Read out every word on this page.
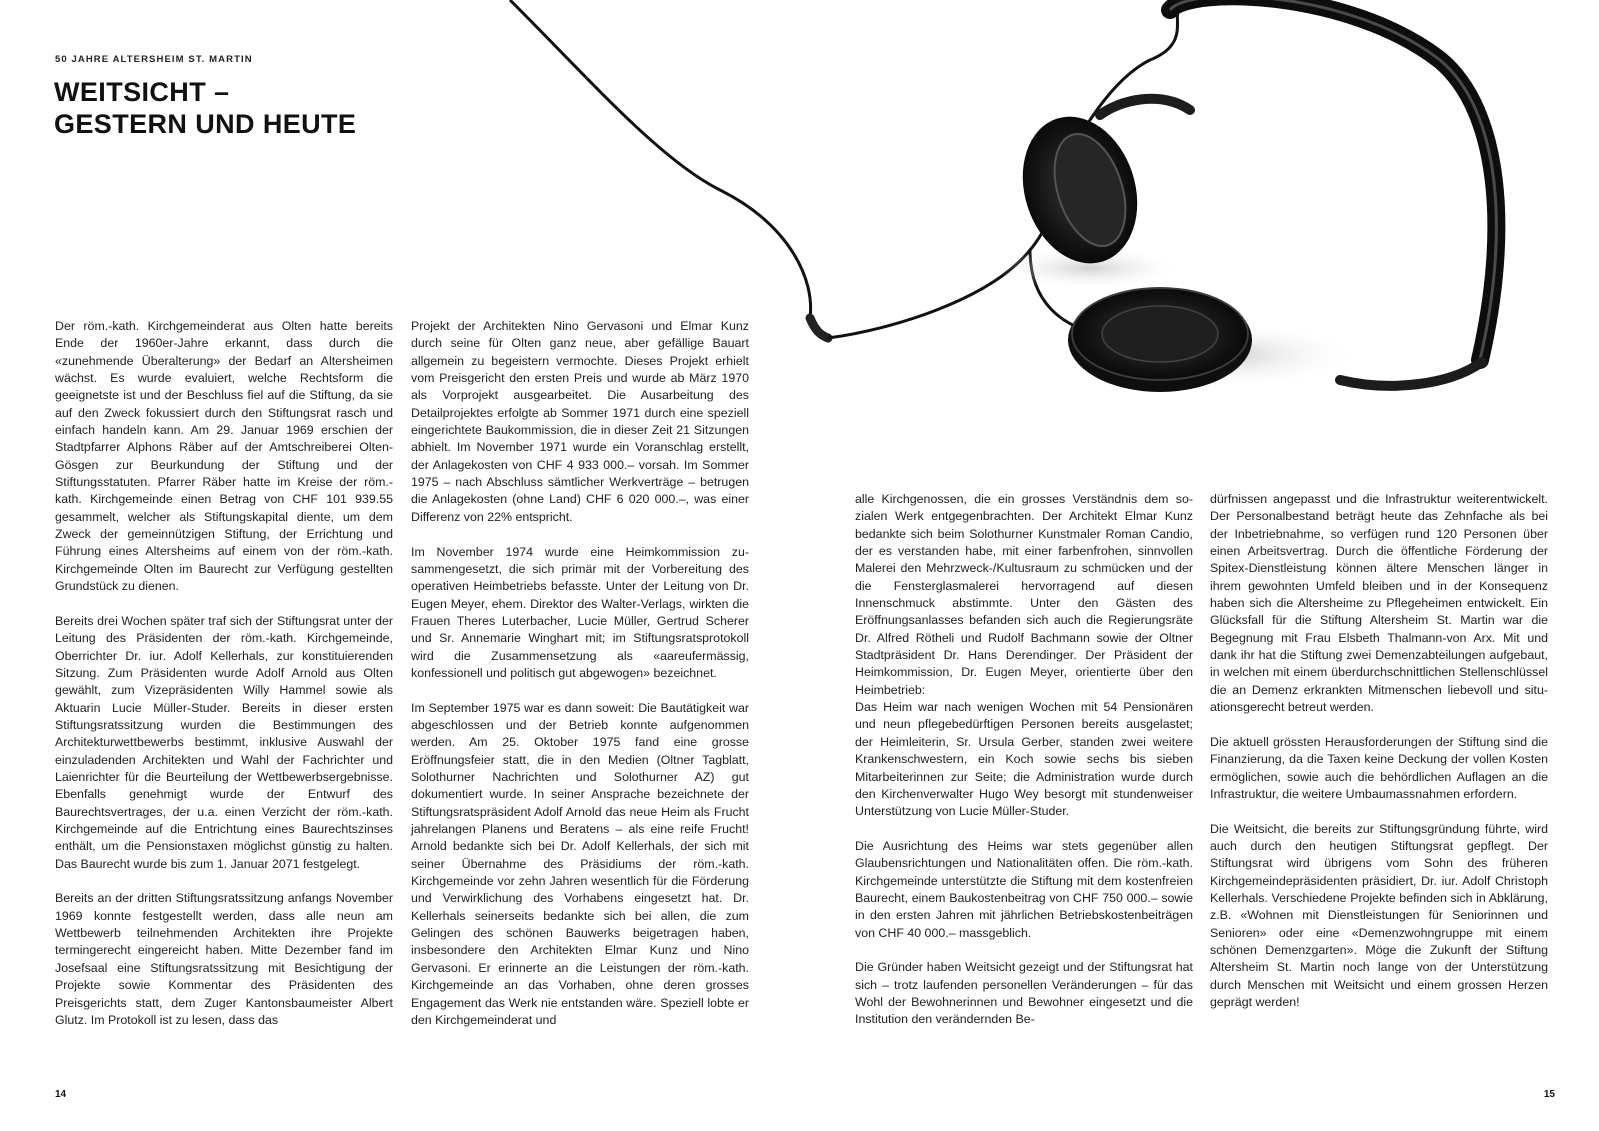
50 JAHRE ALTERSHEIM ST. MARTIN
WEITSICHT –
GESTERN UND HEUTE

Der röm.-kath. Kirchgemeinderat aus Olten hatte bereits Ende der 1960er-Jahre erkannt, dass durch die «zunehmende Überalterung» der Bedarf an Altersheimen wächst. Es wurde evaluiert, welche Rechtsform die geeignetste ist und der Beschluss fiel auf die Stiftung, da sie auf den Zweck fokussiert durch den Stiftungsrat rasch und einfach handeln kann. Am 29. Januar 1969 erschien der Stadtpfarrer Alphons Räber auf der Amtschreiberei Olten-Gösgen zur Beurkundung der Stiftung und der Stiftungsstatuten. Pfarrer Räber hatte im Kreise der röm.-kath. Kirchgemeinde einen Betrag von CHF 101 939.55 gesammelt, welcher als Stiftungskapital diente, um dem Zweck der gemeinnützigen Stiftung, der Errichtung und Führung eines Altersheims auf einem von der röm.-kath. Kirchgemeinde Olten im Baurecht zur Verfügung gestellten Grundstück zu dienen.

Bereits drei Wochen später traf sich der Stiftungsrat unter der Leitung des Präsidenten der röm.-kath. Kirchgemeinde, Oberrichter Dr. iur. Adolf Kellerhals, zur konstituierenden Sitzung. Zum Präsidenten wurde Adolf Arnold aus Olten gewählt, zum Vizepräsidenten Willy Hammel sowie als Aktuarin Lucie Müller-Studer. Bereits in dieser ersten Stiftungsratssitzung wurden die Bestimmungen des Architekturwettbewerbs bestimmt, inklusive Auswahl der einzuladenden Architekten und Wahl der Fachrichter und Laienrichter für die Beurteilung der Wettbewerbsergebnisse. Ebenfalls genehmigt wurde der Entwurf des Baurechtsvertrages, der u.a. einen Verzicht der röm.-kath. Kirchgemeinde auf die Entrichtung eines Baurechtszinses enthält, um die Pensionstaxen möglichst günstig zu halten. Das Baurecht wurde bis zum 1. Januar 2071 festgelegt.

Bereits an der dritten Stiftungsratssitzung anfangs November 1969 konnte festgestellt werden, dass alle neun am Wettbewerb teilnehmenden Architekten ihre Projekte termingerecht eingereicht haben. Mitte Dezember fand im Josefsaal eine Stiftungsratssitzung mit Besichtigung der Projekte sowie Kommentar des Präsidenten des Preisgerichts statt, dem Zuger Kantonsbaumeister Albert Glutz. Im Protokoll ist zu lesen, dass das

Projekt der Architekten Nino Gervasoni und Elmar Kunz durch seine für Olten ganz neue, aber gefällige Bauart allgemein zu begeistern vermochte. Dieses Projekt erhielt vom Preisgericht den ersten Preis und wurde ab März 1970 als Vorprojekt ausgearbeitet. Die Ausarbeitung des Detailprojektes erfolgte ab Sommer 1971 durch eine speziell eingerichtete Baukommission, die in dieser Zeit 21 Sitzungen abhielt. Im November 1971 wurde ein Voranschlag erstellt, der Anlagekosten von CHF 4 933 000.– vorsah. Im Sommer 1975 – nach Abschluss sämtlicher Werkverträge – betrugen die Anlagekosten (ohne Land) CHF 6 020 000.–, was einer Differenz von 22% entspricht.

Im November 1974 wurde eine Heimkommission zusammengesetzt, die sich primär mit der Vorbereitung des operativen Heimbetriebs befasste. Unter der Leitung von Dr. Eugen Meyer, ehem. Direktor des Walter-Verlags, wirkten die Frauen Theres Luterbacher, Lucie Müller, Gertrud Scherer und Sr. Annemarie Winghart mit; im Stiftungsratsprotokoll wird die Zusammensetzung als «aareufermässig, konfessionell und politisch gut abgewogen» bezeichnet.

Im September 1975 war es dann soweit: Die Bautätigkeit war abgeschlossen und der Betrieb konnte aufgenommen werden. Am 25. Oktober 1975 fand eine grosse Eröffnungsfeier statt, die in den Medien (Oltner Tagblatt, Solothurner Nachrichten und Solothurner AZ) gut dokumentiert wurde. In seiner Ansprache bezeichnete der Stiftungsratspräsident Adolf Arnold das neue Heim als Frucht jahrelangen Planens und Beratens – als eine reife Frucht! Arnold bedankte sich bei Dr. Adolf Kellerhals, der sich mit seiner Übernahme des Präsidiums der röm.-kath. Kirchgemeinde vor zehn Jahren wesentlich für die Förderung und Verwirklichung des Vorhabens eingesetzt hat. Dr. Kellerhals seinerseits bedankte sich bei allen, die zum Gelingen des schönen Bauwerks beigetragen haben, insbesondere den Architekten Elmar Kunz und Nino Gervasoni. Er erinnerte an die Leistungen der röm.-kath. Kirchgemeinde an das Vorhaben, ohne deren grosses Engagement das Werk nie entstanden wäre. Speziell lobte er den Kirchgemeinderat und

alle Kirchgenossen, die ein grosses Verständnis dem sozialen Werk entgegenbrachten. Der Architekt Elmar Kunz bedankte sich beim Solothurner Kunstmaler Roman Candio, der es verstanden habe, mit einer farbenfrohen, sinnvollen Malerei den Mehrzweck-/Kultusraum zu schmücken und der die Fensterglasmalerei hervorragend auf diesen Innenschmuck abstimmte. Unter den Gästen des Eröffnungsanlasses befanden sich auch die Regierungsräte Dr. Alfred Rötheli und Rudolf Bachmann sowie der Oltner Stadtpräsident Dr. Hans Derendinger. Der Präsident der Heimkommission, Dr. Eugen Meyer, orientierte über den Heimbetrieb:
Das Heim war nach wenigen Wochen mit 54 Pensionären und neun pflegebedürftigen Personen bereits ausgelastet; der Heimleiterin, Sr. Ursula Gerber, standen zwei weitere Krankenschwestern, ein Koch sowie sechs bis sieben Mitarbeiterinnen zur Seite; die Administration wurde durch den Kirchenverwalter Hugo Wey besorgt mit stundenweiser Unterstützung von Lucie Müller-Studer.

Die Ausrichtung des Heims war stets gegenüber allen Glaubensrichtungen und Nationalitäten offen. Die röm.-kath. Kirchgemeinde unterstützte die Stiftung mit dem kostenfreien Baurecht, einem Baukostenbeitrag von CHF 750 000.– sowie in den ersten Jahren mit jährlichen Betriebskostenbeiträgen von CHF 40 000.– massgeblich.

Die Gründer haben Weitsicht gezeigt und der Stiftungsrat hat sich – trotz laufenden personellen Veränderungen – für das Wohl der Bewohnerinnen und Bewohner eingesetzt und die Institution den verändernden Be-

dürfnissen angepasst und die Infrastruktur weiterentwickelt. Der Personalbestand beträgt heute das Zehnfache als bei der Inbetriebnahme, so verfügen rund 120 Personen über einen Arbeitsvertrag. Durch die öffentliche Förderung der Spitex-Dienstleistung können ältere Menschen länger in ihrem gewohnten Umfeld bleiben und in der Konsequenz haben sich die Altersheime zu Pflegeheimen entwickelt. Ein Glücksfall für die Stiftung Altersheim St. Martin war die Begegnung mit Frau Elsbeth Thalmann-von Arx. Mit und dank ihr hat die Stiftung zwei Demenzabteilungen aufgebaut, in welchen mit einem überdurchschnittlichen Stellenschlüssel die an Demenz erkrankten Mitmenschen liebevoll und situationsgerecht betreut werden.

Die aktuell grössten Herausforderungen der Stiftung sind die Finanzierung, da die Taxen keine Deckung der vollen Kosten ermöglichen, sowie auch die behördlichen Auflagen an die Infrastruktur, die weitere Umbaumassnahmen erfordern.

Die Weitsicht, die bereits zur Stiftungsgründung führte, wird auch durch den heutigen Stiftungsrat gepflegt. Der Stiftungsrat wird übrigens vom Sohn des früheren Kirchgemeindepräsidenten präsidiert, Dr. iur. Adolf Christoph Kellerhals. Verschiedene Projekte befinden sich in Abklärung, z.B. «Wohnen mit Dienstleistungen für Seniorinnen und Senioren» oder eine «Demenzwohngruppe mit einem schönen Demenzgarten». Möge die Zukunft der Stiftung Altersheim St. Martin noch lange von der Unterstützung durch Menschen mit Weitsicht und einem grossen Herzen geprägt werden!

14	15
